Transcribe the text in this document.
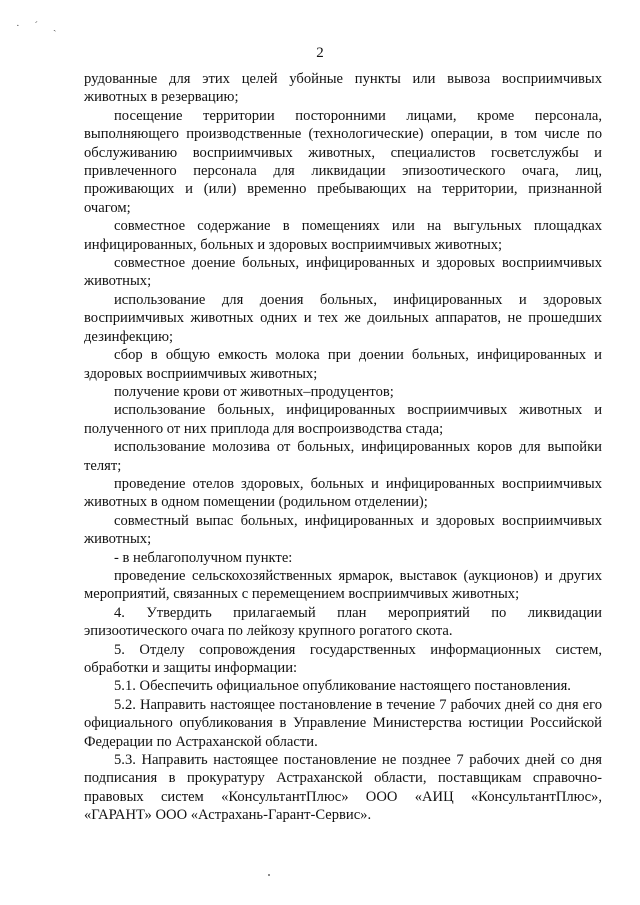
· ˊ ˏ
2

рудованные для этих целей убойные пункты или вывоза восприимчивых животных в резервацию;

посещение территории посторонними лицами, кроме персонала, выполняющего производственные (технологические) операции, в том числе по обслуживанию восприимчивых животных, специалистов госветслужбы и привлеченного персонала для ликвидации эпизоотического очага, лиц, проживающих и (или) временно пребывающих на территории, признанной очагом;

совместное содержание в помещениях или на выгульных площадках инфицированных, больных и здоровых восприимчивых животных;

совместное доение больных, инфицированных и здоровых восприимчивых животных;

использование для доения больных, инфицированных и здоровых восприимчивых животных одних и тех же доильных аппаратов, не прошедших дезинфекцию;

сбор в общую емкость молока при доении больных, инфицированных и здоровых восприимчивых животных;

получение крови от животных–продуцентов;

использование больных, инфицированных восприимчивых животных и полученного от них приплода для воспроизводства стада;

использование молозива от больных, инфицированных коров для выпойки телят;

проведение отелов здоровых, больных и инфицированных восприимчивых животных в одном помещении (родильном отделении);

совместный выпас больных, инфицированных и здоровых восприимчивых животных;

- в неблагополучном пункте:

проведение сельскохозяйственных ярмарок, выставок (аукционов) и других мероприятий, связанных с перемещением восприимчивых животных;

4. Утвердить прилагаемый план мероприятий по ликвидации эпизоотического очага по лейкозу крупного рогатого скота.

5. Отделу сопровождения государственных информационных систем, обработки и защиты информации:

5.1. Обеспечить официальное опубликование настоящего постановления.

5.2. Направить настоящее постановление в течение 7 рабочих дней со дня его официального опубликования в Управление Министерства юстиции Российской Федерации по Астраханской области.

5.3. Направить настоящее постановление не позднее 7 рабочих дней со дня подписания в прокуратуру Астраханской области, поставщикам справочно-правовых систем «КонсультантПлюс» ООО «АИЦ «КонсультантПлюс», «ГАРАНТ» ООО «Астрахань-Гарант-Сервис».
